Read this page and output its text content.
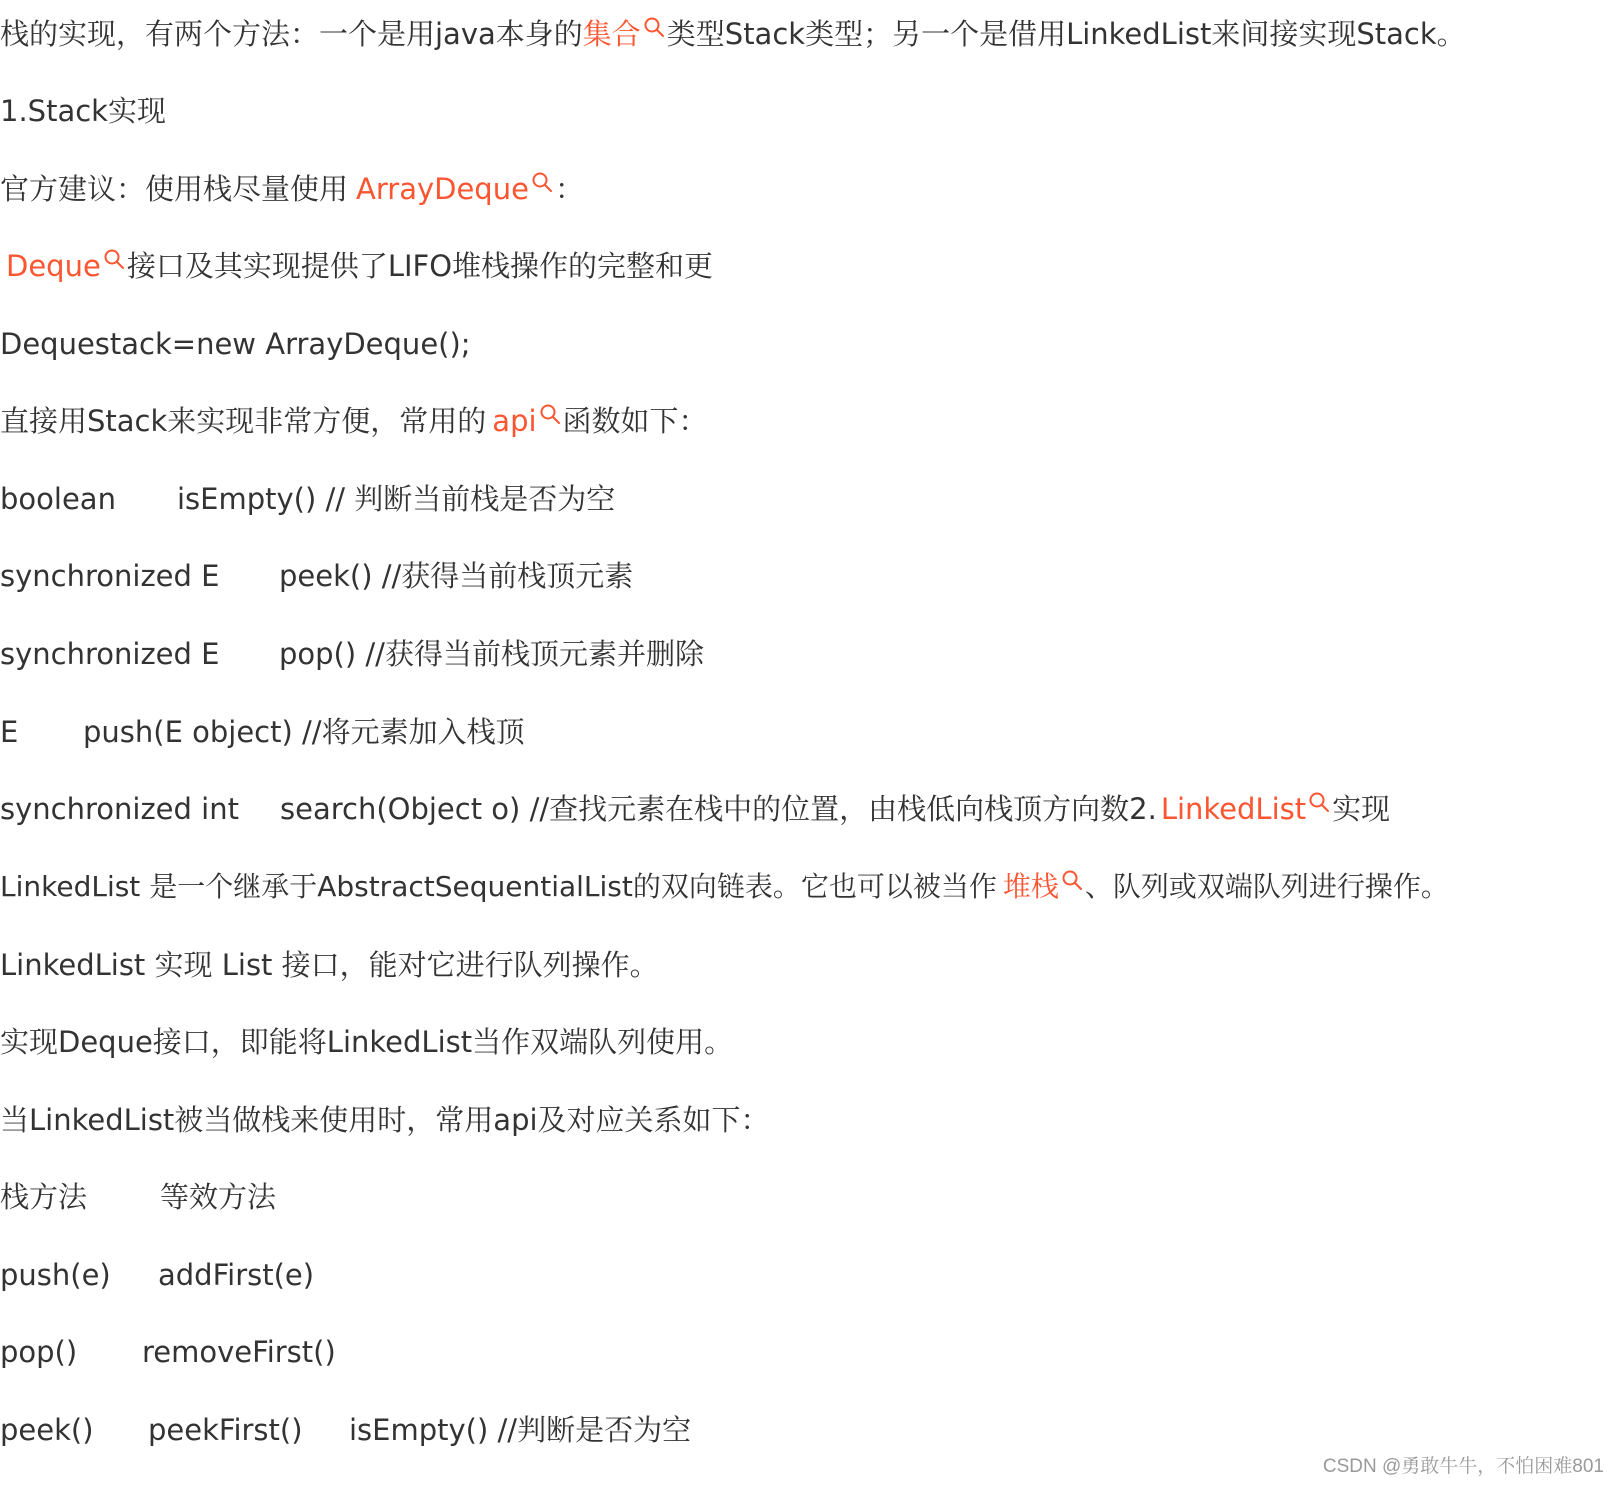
栈的实现，有两个方法：一个是用java本身的集合 类型Stack类型；另一个是借用LinkedList来间接实现Stack。
1.Stack实现
官方建议：使用栈尽量使用 ArrayDeque ：
Deque 接口及其实现提供了LIFO堆栈操作的完整和更
Dequestack=new ArrayDeque();
直接用Stack来实现非常方便，常用的 api 函数如下：
boolean isEmpty() // 判断当前栈是否为空
synchronized E peek() //获得当前栈顶元素
synchronized E pop() //获得当前栈顶元素并删除
E push(E object) //将元素加入栈顶
synchronized int search(Object o) //查找元素在栈中的位置，由栈低向栈顶方向数2. LinkedList 实现
LinkedList 是一个继承于AbstractSequentialList的双向链表。它也可以被当作 堆栈 、队列或双端队列进行操作。
LinkedList 实现 List 接口，能对它进行队列操作。
实现Deque接口，即能将LinkedList当作双端队列使用。
当LinkedList被当做栈来使用时，常用api及对应关系如下：
栈方法	等效方法
push(e) addFirst(e)
pop() removeFirst()
peek() peekFirst() isEmpty() //判断是否为空
CSDN @勇敢牛牛，不怕困难801
